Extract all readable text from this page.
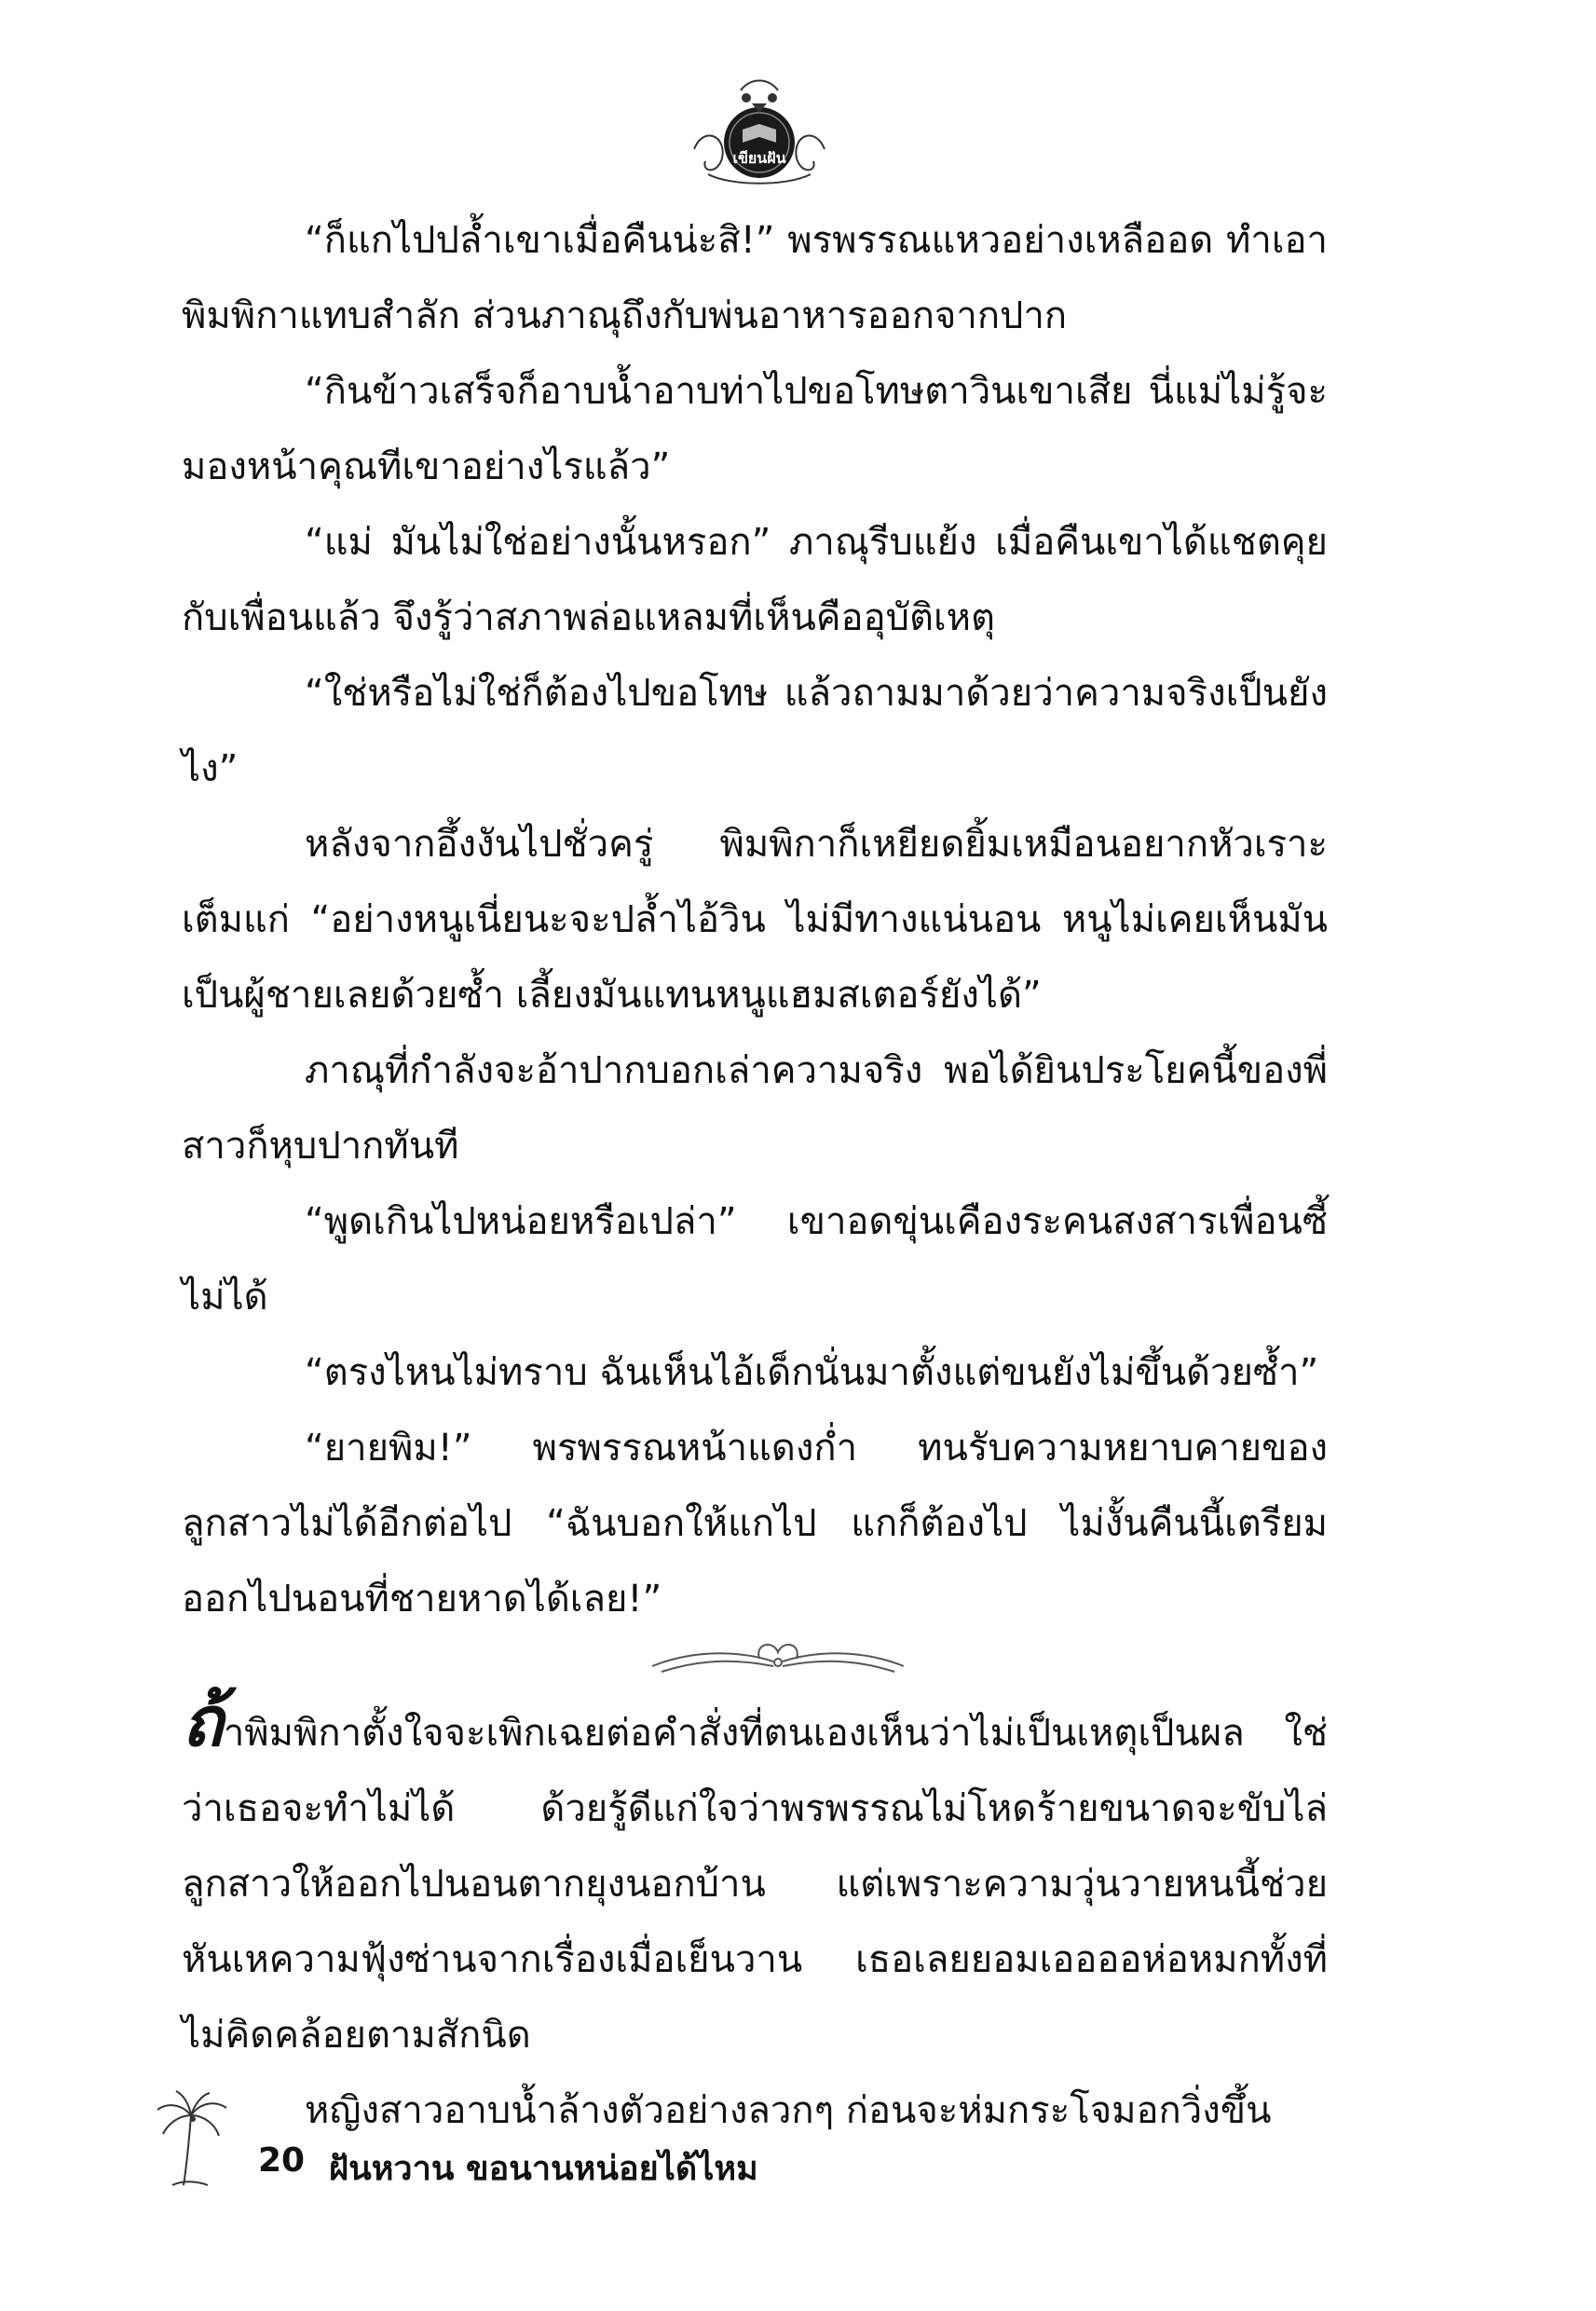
เขียนฝัน

“ก็แกไปปล้ำเขาเมื่อคืนน่ะสิ!” พรพรรณแหวอย่างเหลืออด ทำเอาพิมพิกาแทบสำลัก ส่วนภาณุถึงกับพ่นอาหารออกจากปาก

“กินข้าวเสร็จก็อาบน้ำอาบท่าไปขอโทษตาวินเขาเสีย นี่แม่ไม่รู้จะมองหน้าคุณทีเขาอย่างไรแล้ว”

“แม่ มันไม่ใช่อย่างนั้นหรอก” ภาณุรีบแย้ง เมื่อคืนเขาได้แชตคุยกับเพื่อนแล้ว จึงรู้ว่าสภาพล่อแหลมที่เห็นคืออุบัติเหตุ

“ใช่หรือไม่ใช่ก็ต้องไปขอโทษ แล้วถามมาด้วยว่าความจริงเป็นยังไง”

หลังจากอึ้งงันไปชั่วครู่ พิมพิกาก็เหยียดยิ้มเหมือนอยากหัวเราะเต็มแก่ “อย่างหนูเนี่ยนะจะปล้ำไอ้วิน ไม่มีทางแน่นอน หนูไม่เคยเห็นมันเป็นผู้ชายเลยด้วยซ้ำ เลี้ยงมันแทนหนูแฮมสเตอร์ยังได้”

ภาณุที่กำลังจะอ้าปากบอกเล่าความจริง พอได้ยินประโยคนี้ของพี่สาวก็หุบปากทันที

“พูดเกินไปหน่อยหรือเปล่า” เขาอดขุ่นเคืองระคนสงสารเพื่อนซี้ไม่ได้

“ตรงไหนไม่ทราบ ฉันเห็นไอ้เด็กนั่นมาตั้งแต่ขนยังไม่ขึ้นด้วยซ้ำ”

“ยายพิม!” พรพรรณหน้าแดงก่ำ ทนรับความหยาบคายของลูกสาวไม่ได้อีกต่อไป “ฉันบอกให้แกไป แกก็ต้องไป ไม่งั้นคืนนี้เตรียมออกไปนอนที่ชายหาดได้เลย!”

ถ้าพิมพิกาตั้งใจจะเพิกเฉยต่อคำสั่งที่ตนเองเห็นว่าไม่เป็นเหตุเป็นผล ใช่ว่าเธอจะทำไม่ได้ ด้วยรู้ดีแก่ใจว่าพรพรรณไม่โหดร้ายขนาดจะขับไล่ลูกสาวให้ออกไปนอนตากยุงนอกบ้าน แต่เพราะความวุ่นวายหนนี้ช่วยหันเหความฟุ้งซ่านจากเรื่องเมื่อเย็นวาน เธอเลยยอมเออออห่อหมกทั้งที่ไม่คิดคล้อยตามสักนิด

หญิงสาวอาบน้ำล้างตัวอย่างลวกๆ ก่อนจะห่มกระโจมอกวิ่งขึ้น

20 ฝันหวาน ขอนานหน่อยได้ไหม
